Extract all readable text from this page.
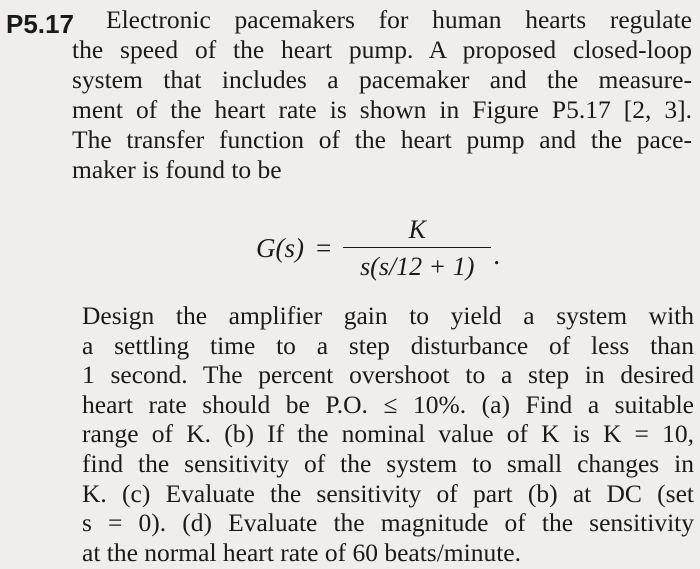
P5.17	Electronic pacemakers for human hearts regulate
the speed of the heart pump. A proposed closed-loop
system that includes a pacemaker and the measure-
ment of the heart rate is shown in Figure P5.17 [2, 3].
The transfer function of the heart pump and the pace-
maker is found to be
$G(s) = \frac{K}{s(s/12 + 1)}$ .
Design the amplifier gain to yield a system with
a settling time to a step disturbance of less than
1 second. The percent overshoot to a step in desired
heart rate should be P.O. ≤ 10%. (a) Find a suitable
range of K. (b) If the nominal value of K is K = 10,
find the sensitivity of the system to small changes in
K. (c) Evaluate the sensitivity of part (b) at DC (set
s = 0). (d) Evaluate the magnitude of the sensitivity
at the normal heart rate of 60 beats/minute.
